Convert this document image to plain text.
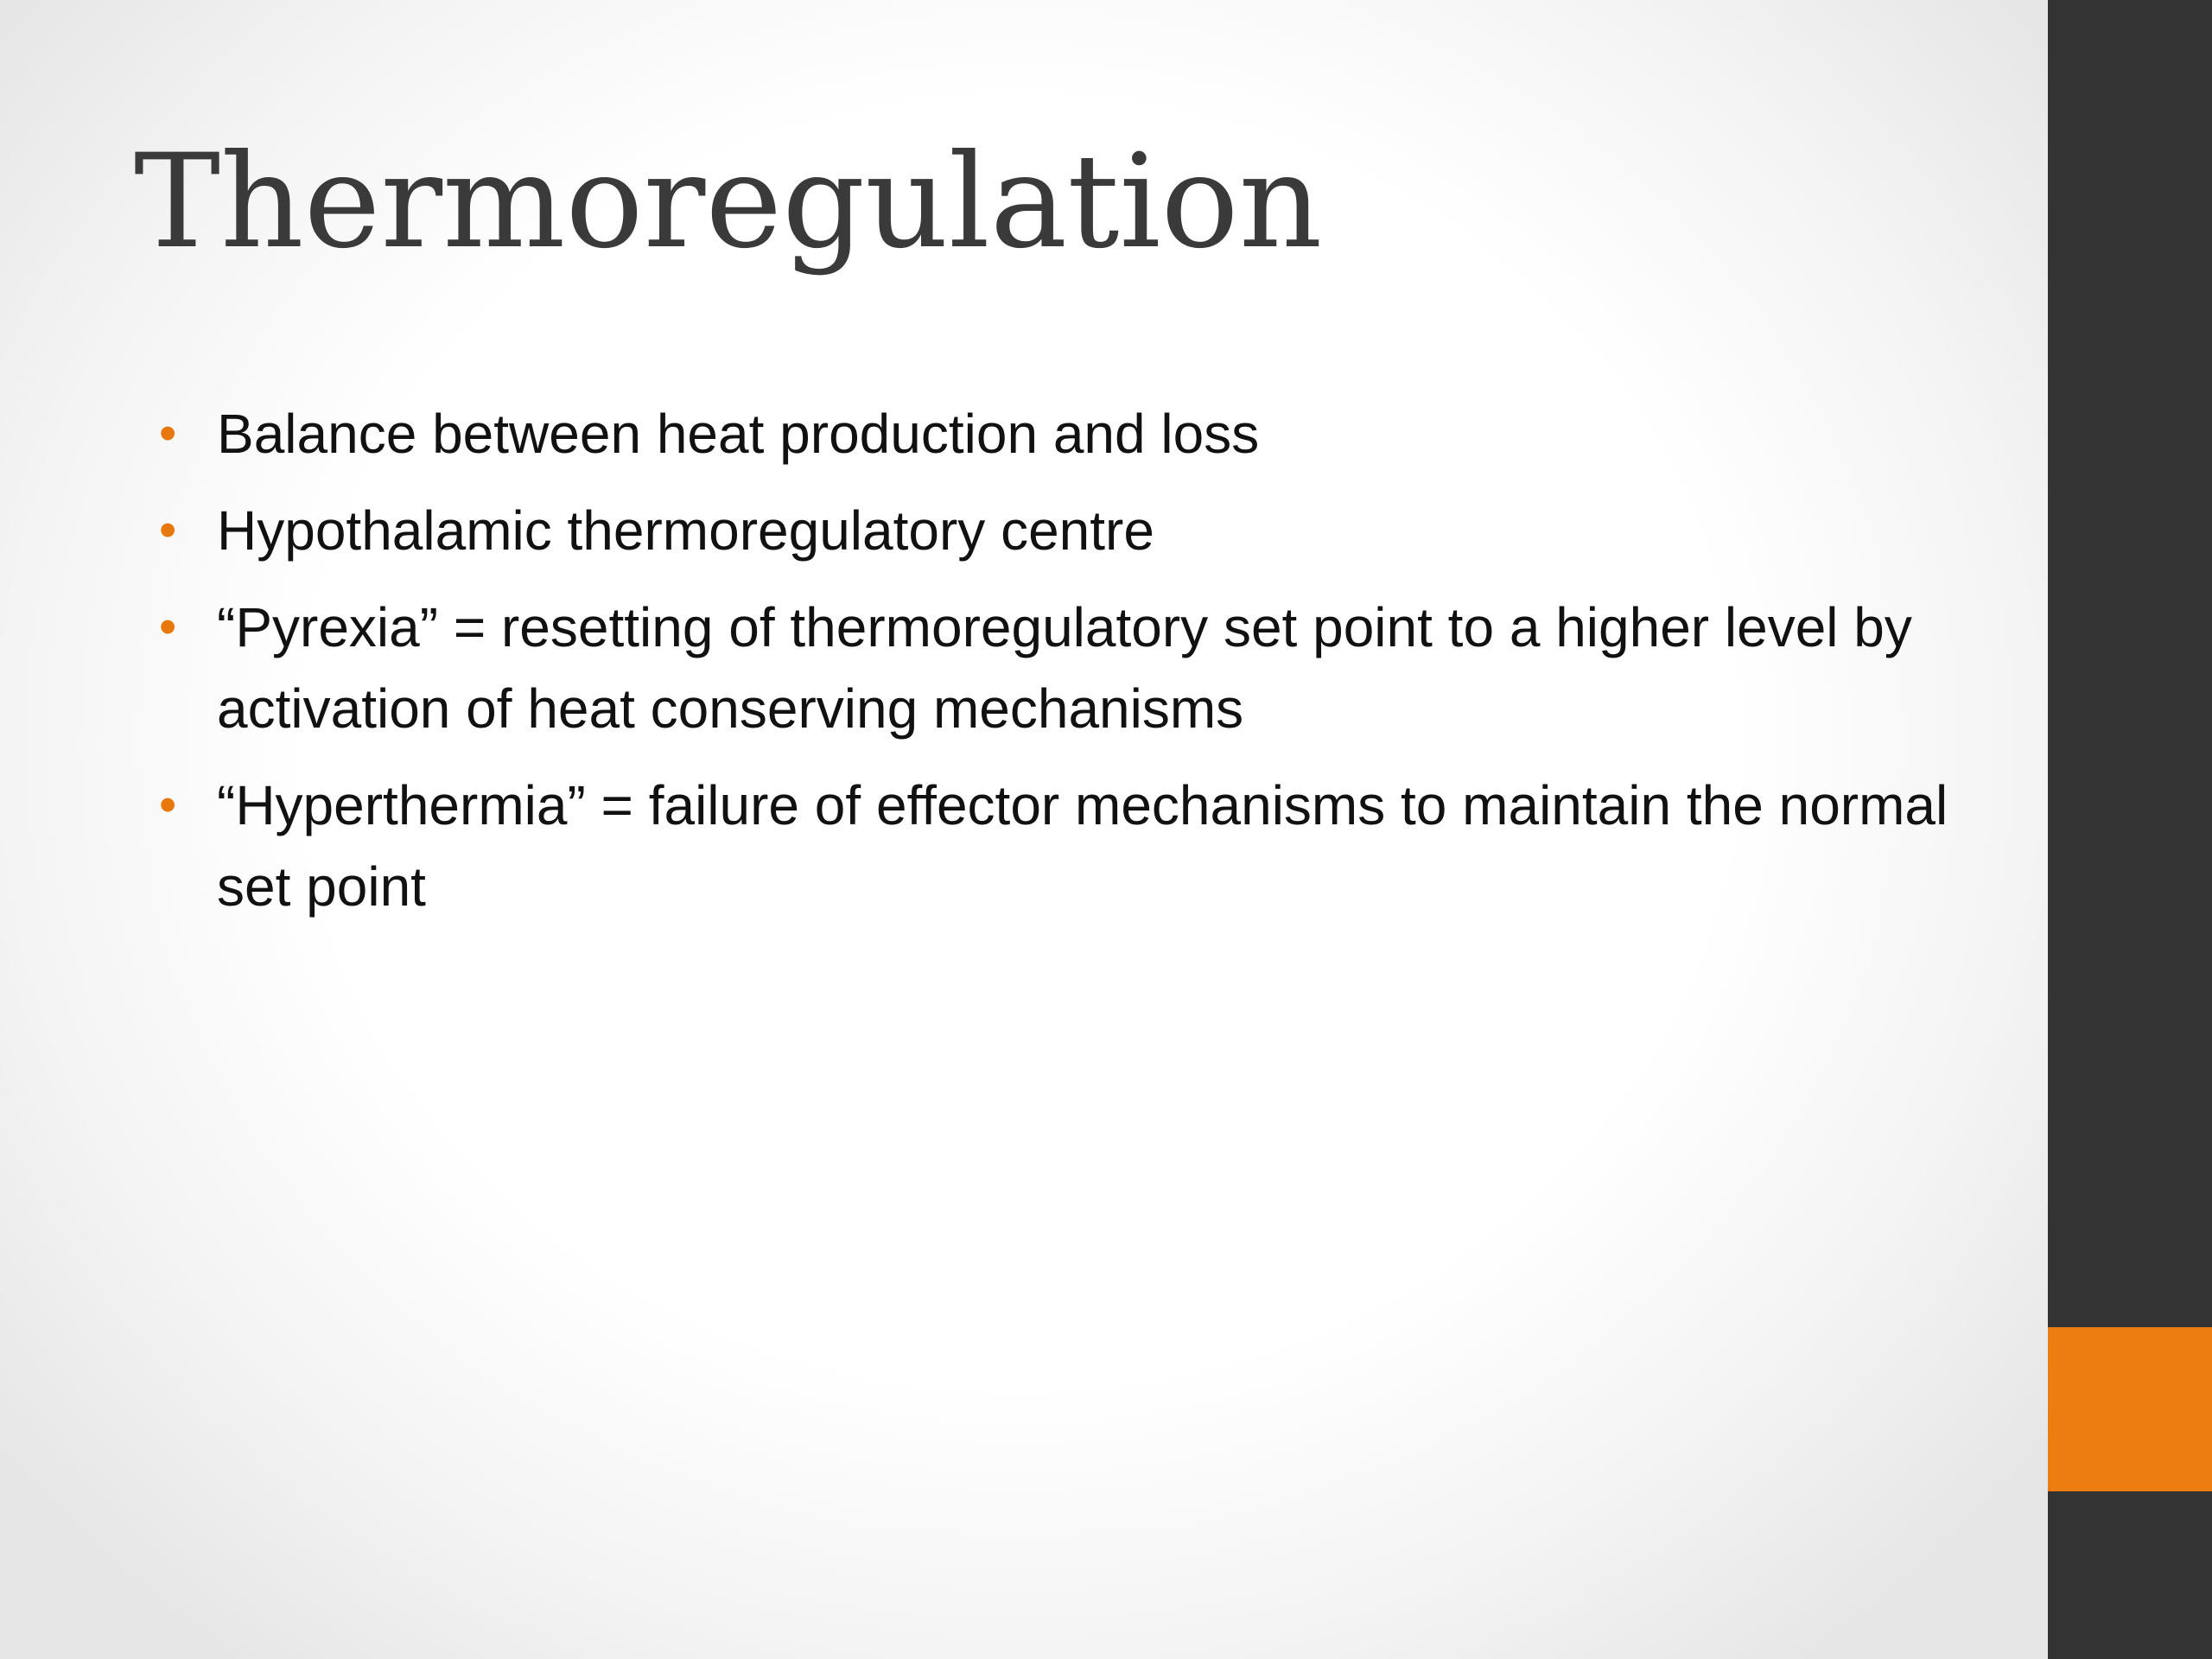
Thermoregulation
• Balance between heat production and loss
• Hypothalamic thermoregulatory centre
• “Pyrexia” = resetting of thermoregulatory set point to a higher level by activation of heat conserving mechanisms
• “Hyperthermia” = failure of effector mechanisms to maintain the normal set point
